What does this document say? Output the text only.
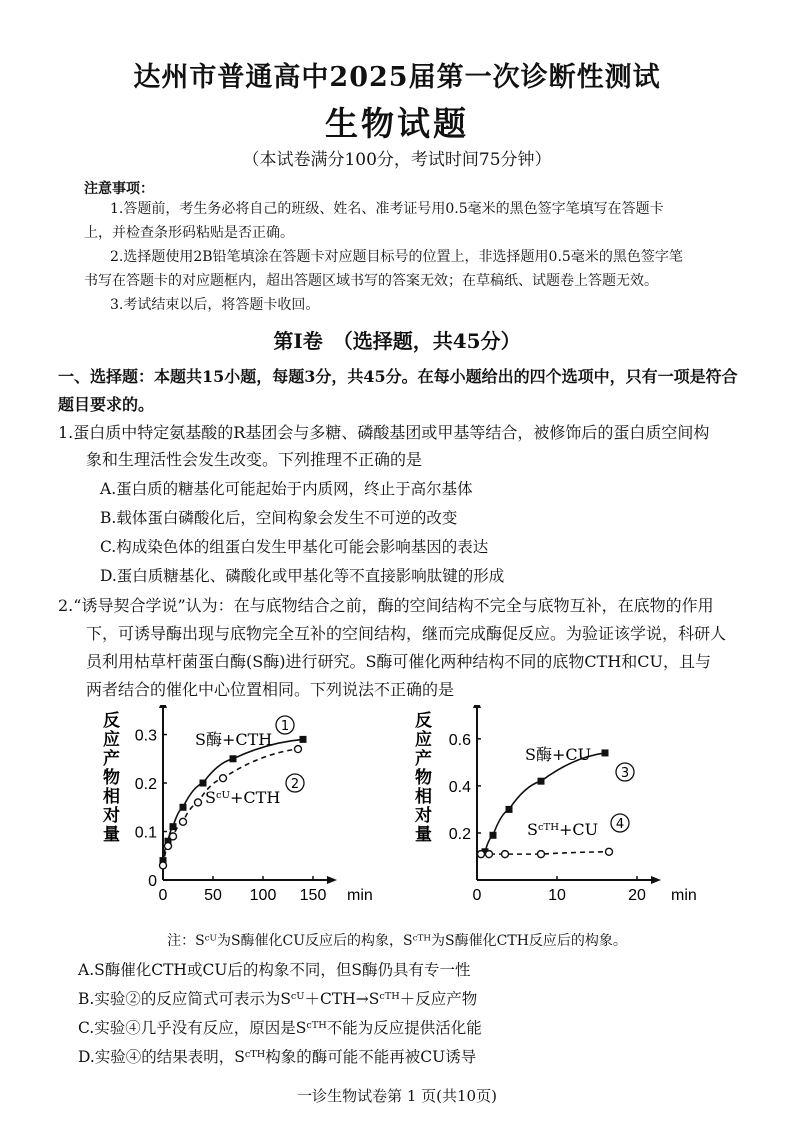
达州市普通高中2025届第一次诊断性测试
生物试题
（本试卷满分100分，考试时间75分钟）
注意事项：
1.答题前，考生务必将自己的班级、姓名、准考证号用0.5毫米的黑色签字笔填写在答题卡
上，并检查条形码粘贴是否正确。
2.选择题使用2B铅笔填涂在答题卡对应题目标号的位置上，非选择题用0.5毫米的黑色签字笔
书写在答题卡的对应题框内，超出答题区域书写的答案无效；在草稿纸、试题卷上答题无效。
3.考试结束以后，将答题卡收回。
第Ⅰ卷　（选择题，共45分）
一、选择题：本题共15小题，每题3分，共45分。在每小题给出的四个选项中，只有一项是符合
题目要求的。
1.蛋白质中特定氨基酸的R基团会与多糖、磷酸基团或甲基等结合，被修饰后的蛋白质空间构
象和生理活性会发生改变。下列推理不正确的是
A.蛋白质的糖基化可能起始于内质网，终止于高尔基体
B.载体蛋白磷酸化后，空间构象会发生不可逆的改变
C.构成染色体的组蛋白发生甲基化可能会影响基因的表达
D.蛋白质糖基化、磷酸化或甲基化等不直接影响肽键的形成
2.“诱导契合学说”认为：在与底物结合之前，酶的空间结构不完全与底物互补，在底物的作用
下，可诱导酶出现与底物完全互补的空间结构，继而完成酶促反应。为验证该学说，科研人
员利用枯草杆菌蛋白酶(S酶)进行研究。S酶可催化两种结构不同的底物CTH和CU，且与
两者结合的催化中心位置相同。下列说法不正确的是
反应产物相对量
0 50 100 150 min
0
0.1
0.2
0.3 S酶+CTH
1
Sᶜᵁ+CTH
2
反应产物相对量
0	10	20 min
0.2
0.4
0.6
S酶+CU
3
Sᶜᵀᴴ+CU 4
注：Sᶜᵁ为S酶催化CU反应后的构象，Sᶜᵀᴴ为S酶催化CTH反应后的构象。
A.S酶催化CTH或CU后的构象不同，但S酶仍具有专一性
B.实验②的反应简式可表示为Sᶜᵁ＋CTH→Sᶜᵀᴴ＋反应产物
C.实验④几乎没有反应，原因是Sᶜᵀᴴ不能为反应提供活化能
D.实验④的结果表明，Sᶜᵀᴴ构象的酶可能不能再被CU诱导
一诊生物试卷第 1 页(共10页)
